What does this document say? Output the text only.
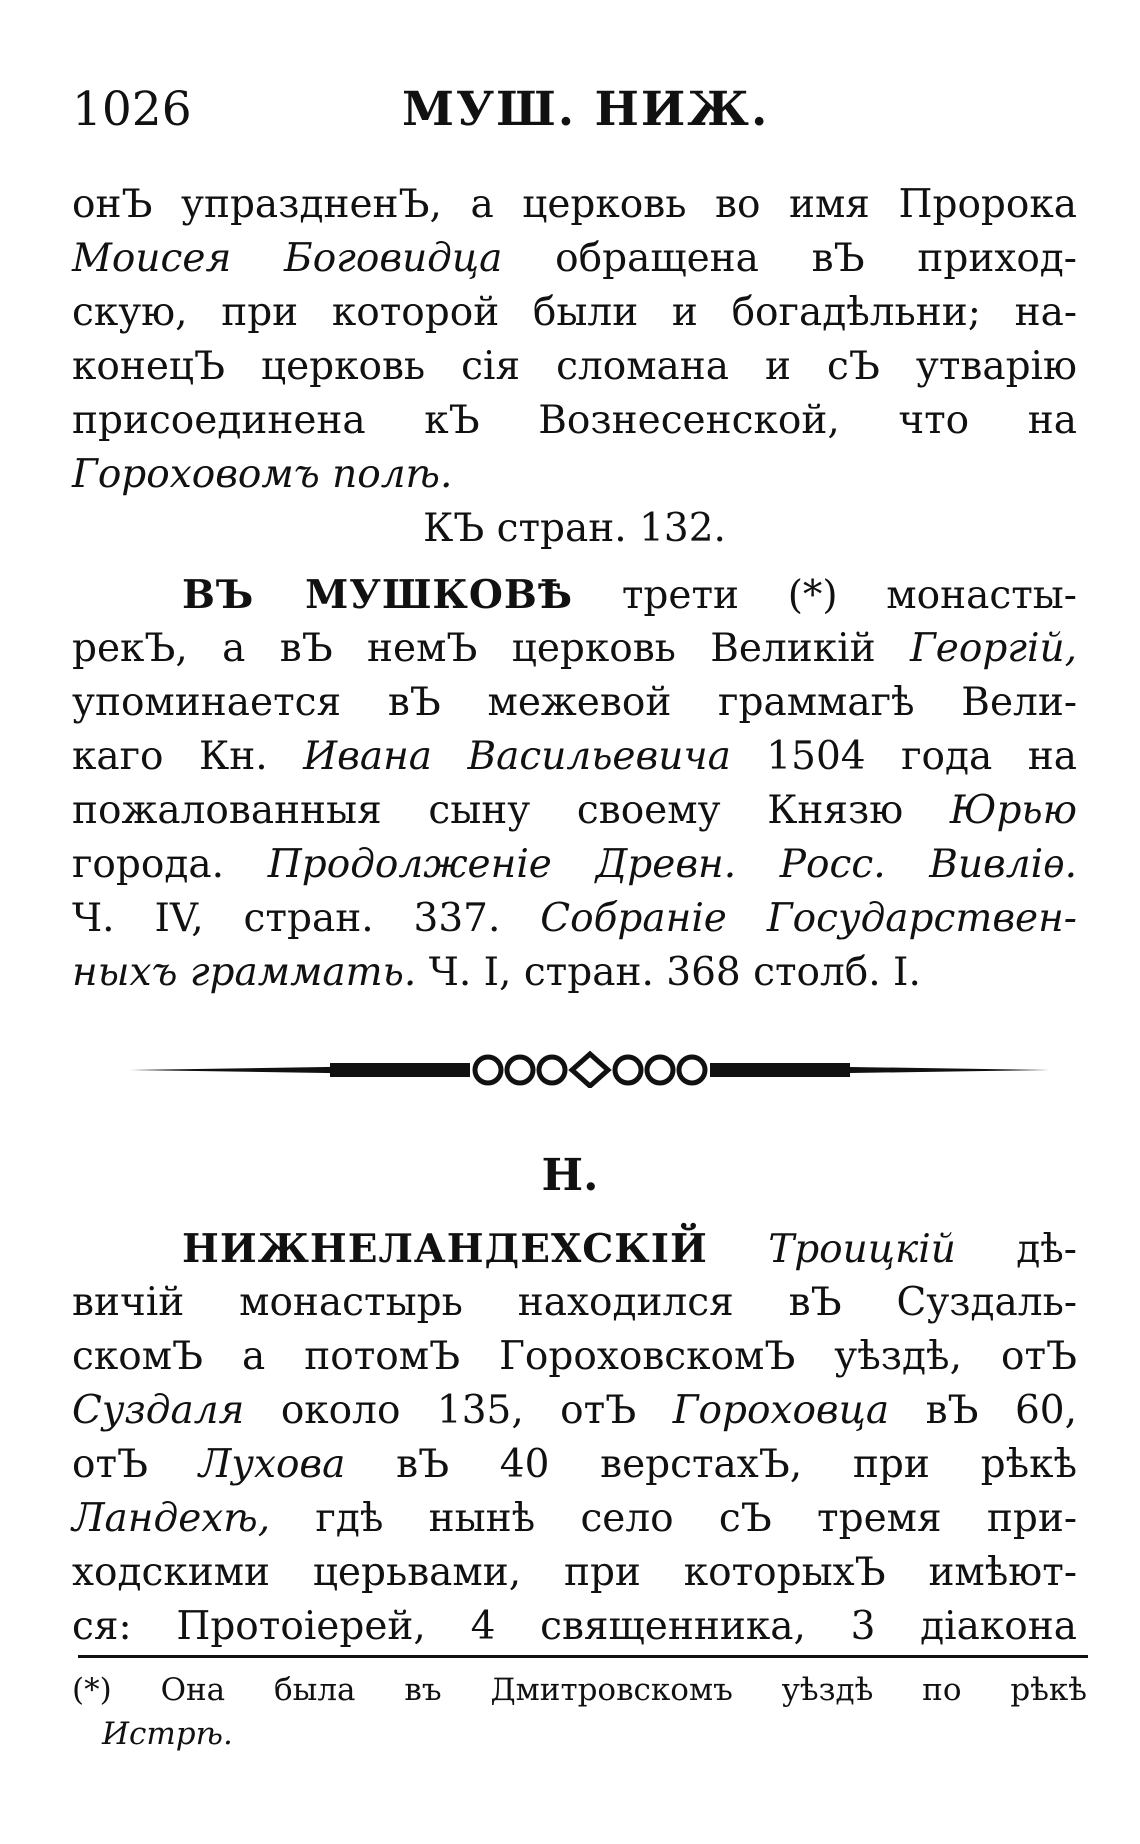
1026	МУШ. НИЖ.
онЪ упраздненЪ, а церковь во имя Пророка
Моисея Боговидца обращена вЪ приход-
скую, при которой были и богадѣльни; на-
конецЪ церковь сія сломана и сЪ утварію
присоединена кЪ Вознесенской, что на
Гороховомъ полѣ.
КЪ стран. 132.
ВЪ МУШКОВѢ трети (*) монасты-
рекЪ, а вЪ немЪ церковь Великій Георгій,
упоминается вЪ межевой граммагѣ Вели-
каго Кн. Ивана Васильевича 1504 года на
пожалованныя сыну своему Князю Юрью
города. Продолженіе Древн. Росс. Вивліѳ.
Ч. IV, стран. 337. Собраніе Государствен-
ныхъ граммать. Ч. I, стран. 368 столб. I.
Н.
НИЖНЕЛАНДЕХСКІЙ Троицкій дѣ-
вичій монастырь находился вЪ Суздаль-
скомЪ а потомЪ ГороховскомЪ уѣздѣ, отЪ
Суздаля около 135, отЪ Гороховца вЪ 60,
отЪ Лухова вЪ 40 верстахЪ, при рѣкѣ
Ландехѣ, гдѣ нынѣ село сЪ тремя при-
ходскими церьвами, при которыхЪ имѣют-
ся: Протоіерей, 4 священника, 3 діакона
(*) Она была въ Дмитровскомъ уѣздѣ по рѣкѣ
Истрѣ.
